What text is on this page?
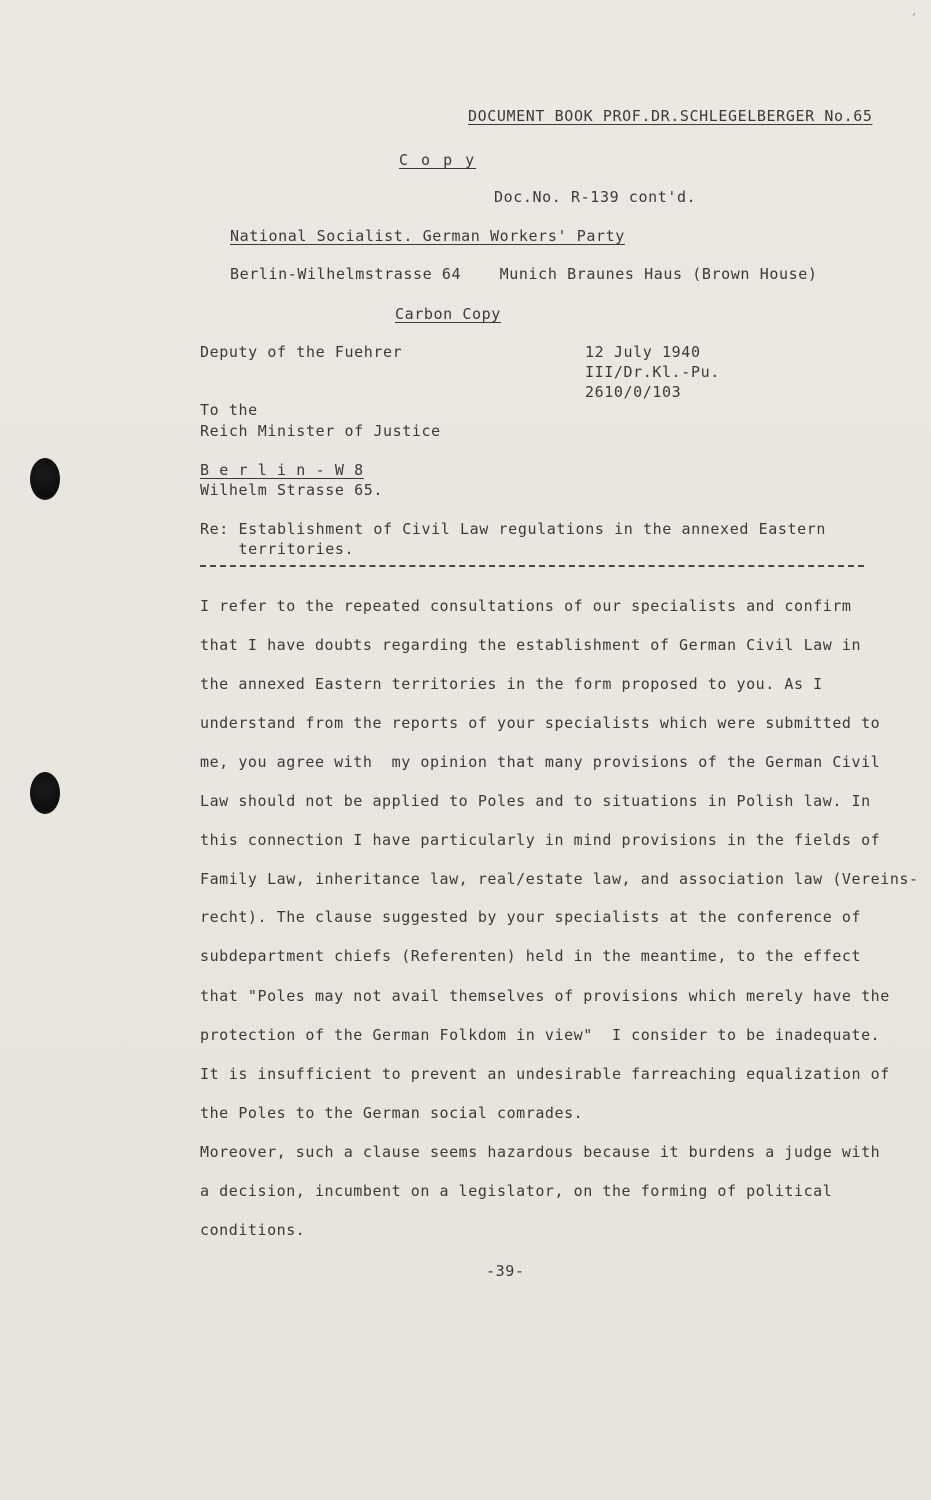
´
DOCUMENT BOOK PROF.DR.SCHLEGELBERGER No.65
C o p y
Doc.No. R-139 cont'd.
National Socialist. German Workers' Party
Berlin-Wilhelmstrasse 64    Munich Braunes Haus (Brown House)
Carbon Copy
Deputy of the Fuehrer	12 July 1940
III/Dr.Kl.-Pu.
2610/0/103
To the
Reich Minister of Justice
B e r l i n - W 8
Wilhelm Strasse 65.
Re: Establishment of Civil Law regulations in the annexed Eastern
territories.
I refer to the repeated consultations of our specialists and confirm
that I have doubts regarding the establishment of German Civil Law in
the annexed Eastern territories in the form proposed to you. As I
understand from the reports of your specialists which were submitted to
me, you agree with  my opinion that many provisions of the German Civil
Law should not be applied to Poles and to situations in Polish law. In
this connection I have particularly in mind provisions in the fields of
Family Law, inheritance law, real/estate law, and association law (Vereins-
recht). The clause suggested by your specialists at the conference of
subdepartment chiefs (Referenten) held in the meantime, to the effect
that "Poles may not avail themselves of provisions which merely have the
protection of the German Folkdom in view"  I consider to be inadequate.
It is insufficient to prevent an undesirable farreaching equalization of
the Poles to the German social comrades.
Moreover, such a clause seems hazardous because it burdens a judge with
a decision, incumbent on a legislator, on the forming of political
conditions.
-39-
